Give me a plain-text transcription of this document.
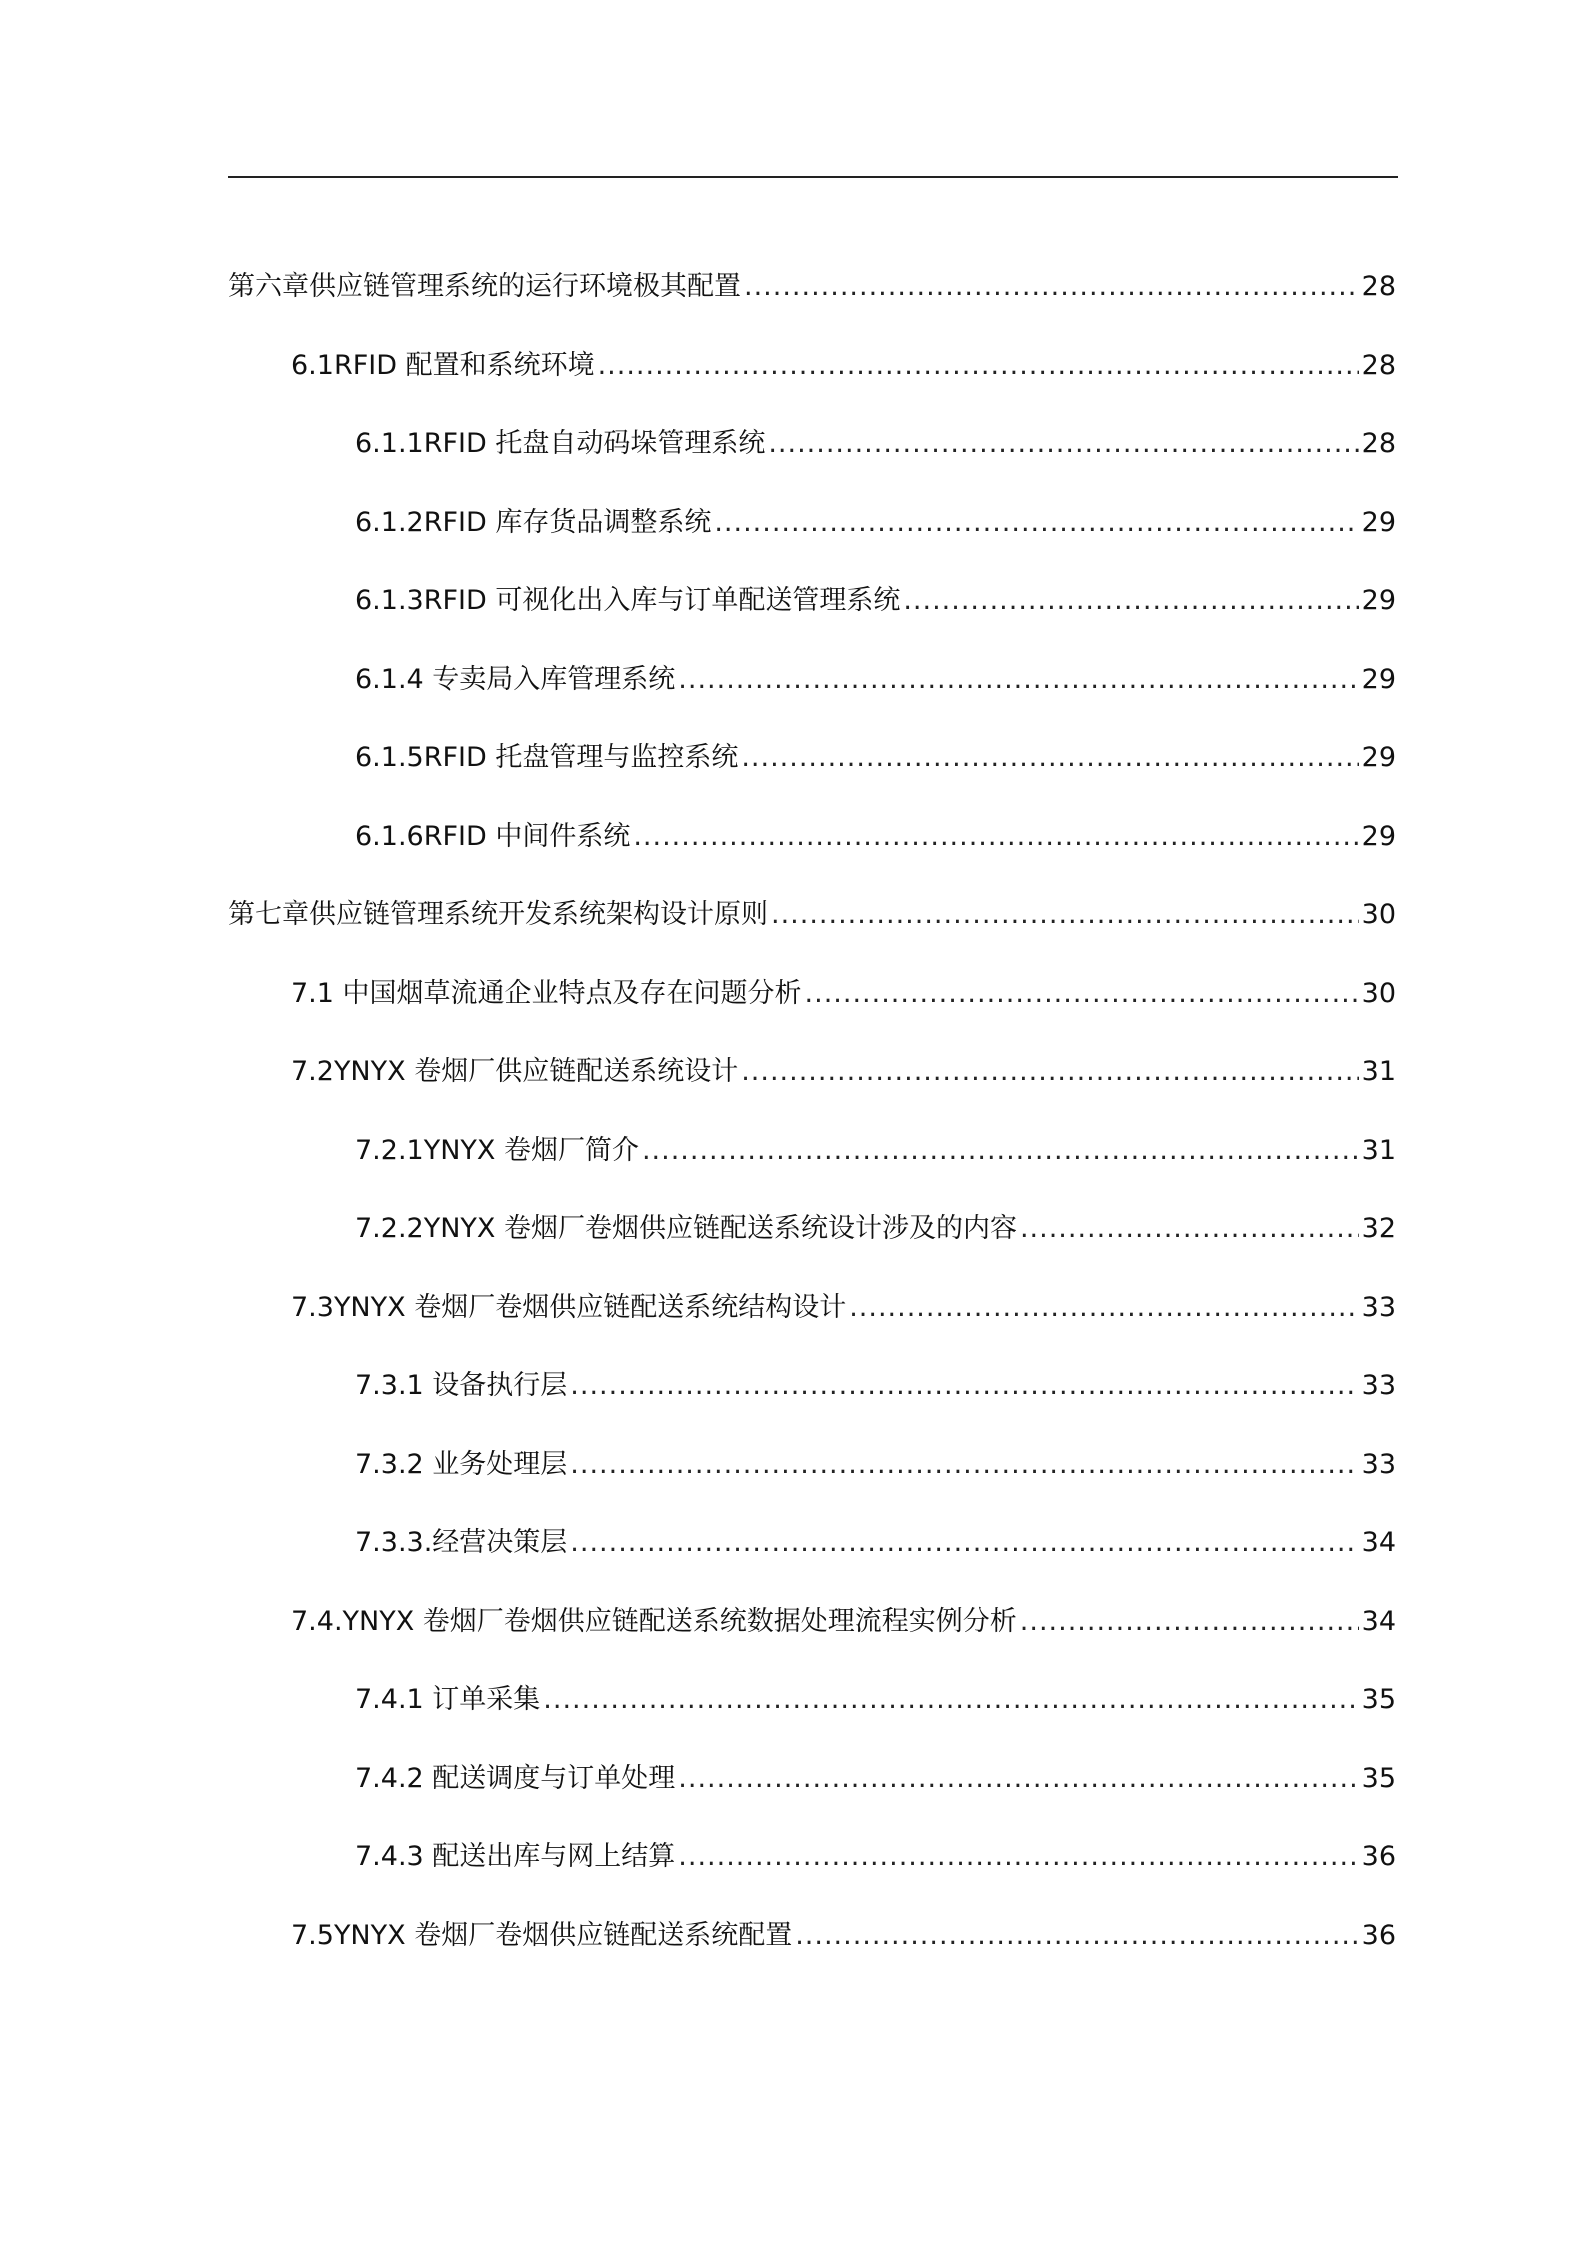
第六章供应链管理系统的运行环境极其配置 .....	28
6.1RFID 配置和系统环境 .....	28
6.1.1RFID 托盘自动码垛管理系统 .....	28
6.1.2RFID 库存货品调整系统 .....	29
6.1.3RFID 可视化出入库与订单配送管理系统 .....	29
6.1.4 专卖局入库管理系统 .....	29
6.1.5RFID 托盘管理与监控系统 .....	29
6.1.6RFID 中间件系统 .....	29
第七章供应链管理系统开发系统架构设计原则 .....	30
7.1 中国烟草流通企业特点及存在问题分析 .....	30
7.2YNYX 卷烟厂供应链配送系统设计 .....	31
7.2.1YNYX 卷烟厂简介 .....	31
7.2.2YNYX 卷烟厂卷烟供应链配送系统设计涉及的内容 .....	32
7.3YNYX 卷烟厂卷烟供应链配送系统结构设计 .....	33
7.3.1 设备执行层 .....	33
7.3.2 业务处理层 .....	33
7.3.3.经营决策层 .....	34
7.4.YNYX 卷烟厂卷烟供应链配送系统数据处理流程实例分析 .....	34
7.4.1 订单采集 .....	35
7.4.2 配送调度与订单处理 .....	35
7.4.3 配送出库与网上结算 .....	36
7.5YNYX 卷烟厂卷烟供应链配送系统配置 .....	36
